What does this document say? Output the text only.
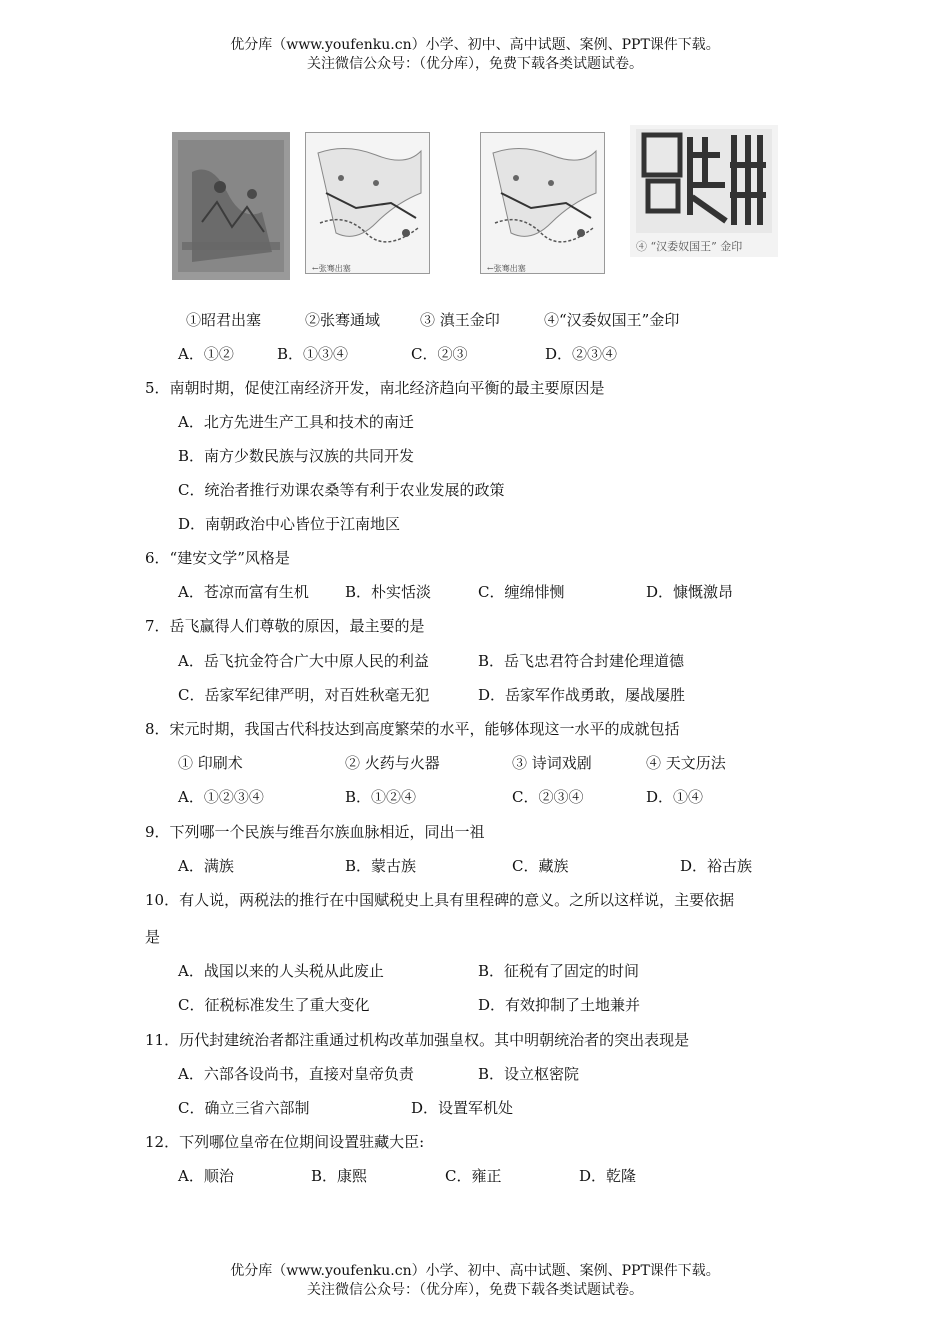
优分库（www.youfenku.cn）小学、初中、高中试题、案例、PPT课件下载。
关注微信公众号：（优分库），免费下载各类试题试卷。
←张骞出塞	←张骞出塞
④ “汉委奴国王” 金印
①昭君出塞	②张骞通域	③ 滇王金印	④“汉委奴国王”金印
A．①②	B．①③④	C．②③	D．②③④
5．南朝时期，促使江南经济开发，南北经济趋向平衡的最主要原因是
A．北方先进生产工具和技术的南迁
B．南方少数民族与汉族的共同开发
C．统治者推行劝课农桑等有利于农业发展的政策
D．南朝政治中心皆位于江南地区
6．“建安文学”风格是
A．苍凉而富有生机 B．朴实恬淡	C．缠绵悱恻	D．慷慨激昂
7．岳飞赢得人们尊敬的原因，最主要的是
A．岳飞抗金符合广大中原人民的利益	B．岳飞忠君符合封建伦理道德
C．岳家军纪律严明，对百姓秋毫无犯	D．岳家军作战勇敢，屡战屡胜
8．宋元时期，我国古代科技达到高度繁荣的水平，能够体现这一水平的成就包括
① 印刷术	② 火药与火器	③ 诗词戏剧	④ 天文历法
A．①②③④	B．①②④	C．②③④	D．①④
9．下列哪一个民族与维吾尔族血脉相近，同出一祖
A．满族	B．蒙古族	C．藏族	D．裕古族
10．有人说，两税法的推行在中国赋税史上具有里程碑的意义。之所以这样说，主要依据
是
A．战国以来的人头税从此废止	B．征税有了固定的时间
C．征税标准发生了重大变化	D．有效抑制了土地兼并
11．历代封建统治者都注重通过机构改革加强皇权。其中明朝统治者的突出表现是
A．六部各设尚书，直接对皇帝负责	B．设立枢密院
C．确立三省六部制	D．设置军机处
12．下列哪位皇帝在位期间设置驻藏大臣:
A．顺治	B．康熙	C．雍正	D．乾隆
优分库（www.youfenku.cn）小学、初中、高中试题、案例、PPT课件下载。
关注微信公众号：（优分库），免费下载各类试题试卷。
